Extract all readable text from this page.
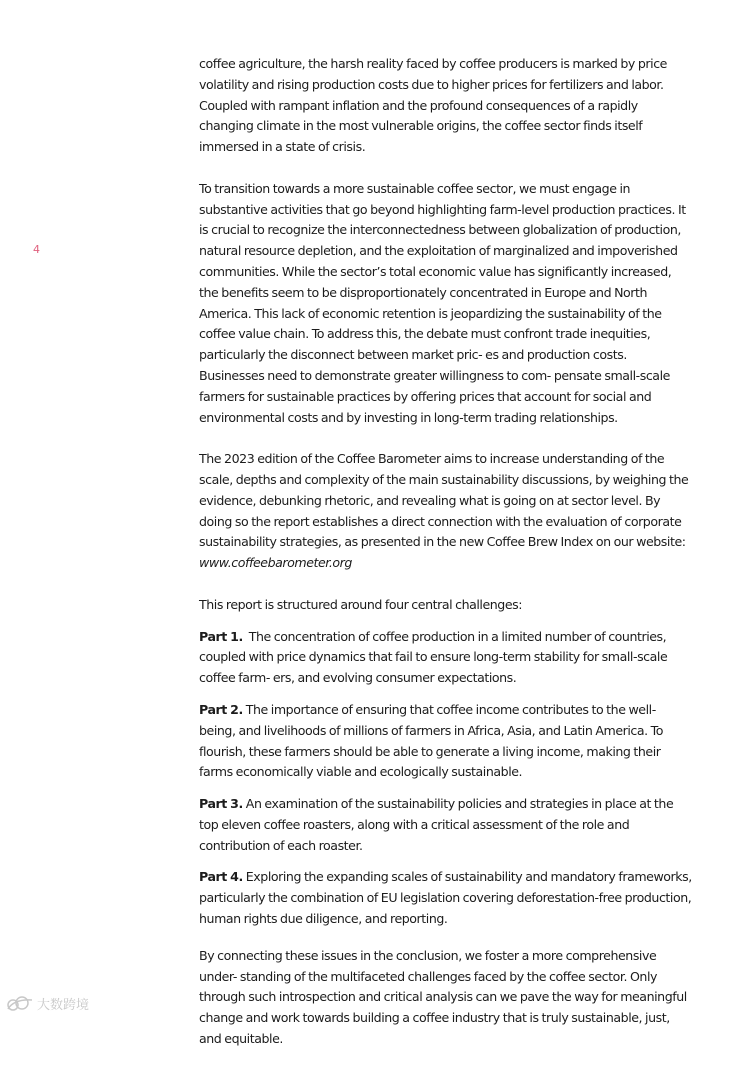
4

coffee agriculture, the harsh reality faced by coffee producers is marked by price volatility and rising production costs due to higher prices for fertilizers and labor. Coupled with rampant inflation and the profound consequences of a rapidly changing climate in the most vulnerable origins, the coffee sector finds itself immersed in a state of crisis.

To transition towards a more sustainable coffee sector, we must engage in substantive activities that go beyond highlighting farm-level production practices. It is crucial to recognize the interconnectedness between globalization of production, natural resource depletion, and the exploitation of marginalized and impoverished communities. While the sector’s total economic value has significantly increased, the benefits seem to be disproportionately concentrated in Europe and North America. This lack of economic retention is jeopardizing the sustainability of the coffee value chain. To address this, the debate must confront trade inequities, particularly the disconnect between market pric- es and production costs. Businesses need to demonstrate greater willingness to com- pensate small-scale farmers for sustainable practices by offering prices that account for social and environmental costs and by investing in long-term trading relationships.

The 2023 edition of the Coffee Barometer aims to increase understanding of the scale, depths and complexity of the main sustainability discussions, by weighing the evidence, debunking rhetoric, and revealing what is going on at sector level. By doing so the report establishes a direct connection with the evaluation of corporate sustainability strategies, as presented in the new Coffee Brew Index on our website: www.coffeebarometer.org

This report is structured around four central challenges:

Part 1. The concentration of coffee production in a limited number of countries, coupled with price dynamics that fail to ensure long-term stability for small-scale coffee farm- ers, and evolving consumer expectations.

Part 2. The importance of ensuring that coffee income contributes to the well-being, and livelihoods of millions of farmers in Africa, Asia, and Latin America. To flourish, these farmers should be able to generate a living income, making their farms economically viable and ecologically sustainable.

Part 3. An examination of the sustainability policies and strategies in place at the top eleven coffee roasters, along with a critical assessment of the role and contribution of each roaster.

Part 4. Exploring the expanding scales of sustainability and mandatory frameworks, particularly the combination of EU legislation covering deforestation-free production, human rights due diligence, and reporting.

By connecting these issues in the conclusion, we foster a more comprehensive under- standing of the multifaceted challenges faced by the coffee sector. Only through such introspection and critical analysis can we pave the way for meaningful change and work towards building a coffee industry that is truly sustainable, just, and equitable.

大数跨境
